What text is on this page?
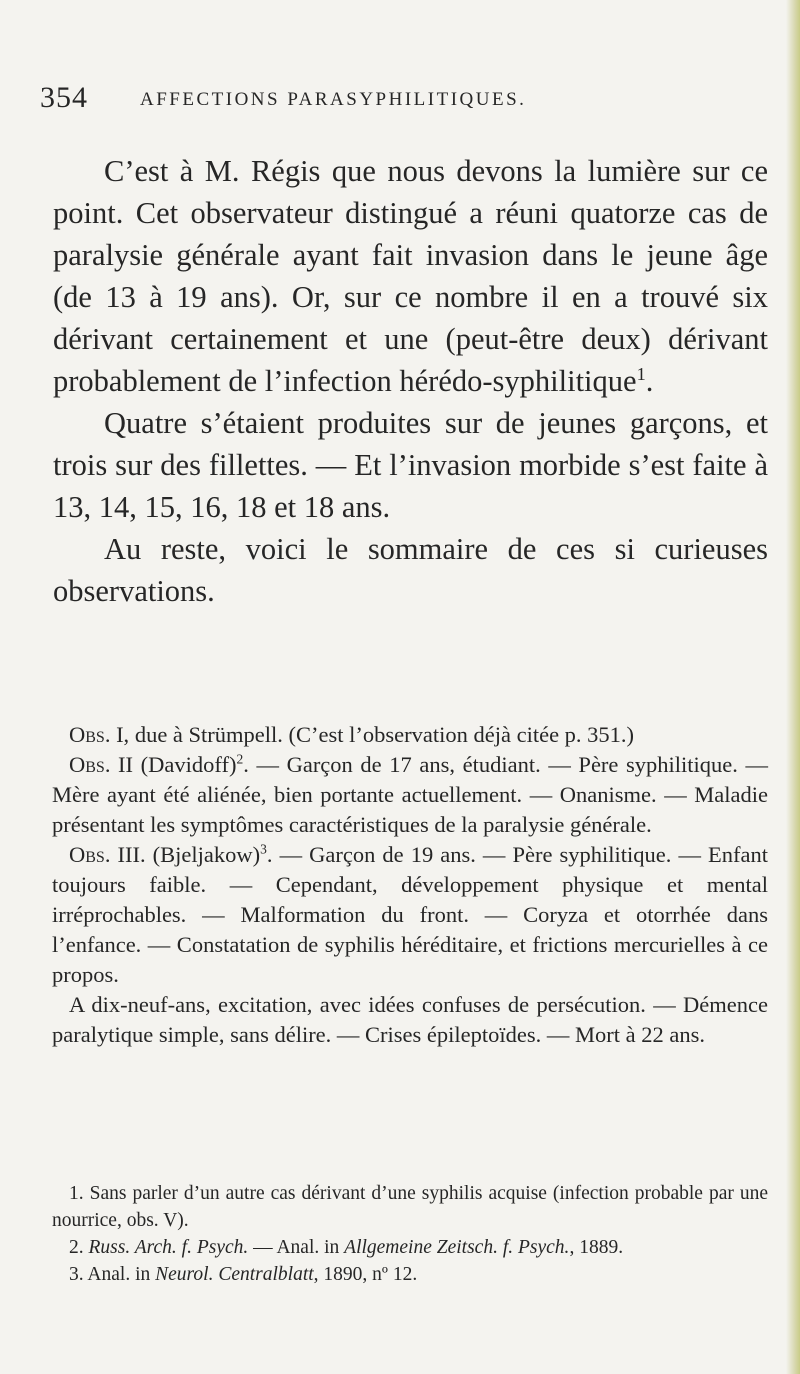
354	AFFECTIONS PARASYPHILITIQUES.

C’est à M. Régis que nous devons la lumière sur ce point. Cet observateur distingué a réuni quatorze cas de paralysie générale ayant fait invasion dans le jeune âge (de 13 à 19 ans). Or, sur ce nombre il en a trouvé six dérivant certainement et une (peut-être deux) dérivant probablement de l’infection hérédo-syphilitique$^1$.

Quatre s’étaient produites sur de jeunes garçons, et trois sur des fillettes. — Et l’invasion morbide s’est faite à 13, 14, 15, 16, 18 et 18 ans.

Au reste, voici le sommaire de ces si curieuses observations.

Obs. I, due à Strümpell. (C’est l’observation déjà citée p. 351.)

Obs. II (Davidoff)$^2$. — Garçon de 17 ans, étudiant. — Père syphilitique. — Mère ayant été aliénée, bien portante actuellement. — Onanisme. — Maladie présentant les symptômes caractéristiques de la paralysie générale.

Obs. III. (Bjeljakow)$^3$. — Garçon de 19 ans. — Père syphilitique. — Enfant toujours faible. — Cependant, développement physique et mental irréprochables. — Malformation du front. — Coryza et otorrhée dans l’enfance. — Constatation de syphilis héréditaire, et frictions mercurielles à ce propos.

A dix-neuf-ans, excitation, avec idées confuses de persécution. — Démence paralytique simple, sans délire. — Crises épileptoïdes. — Mort à 22 ans.

1. Sans parler d’un autre cas dérivant d’une syphilis acquise (infection probable par une nourrice, obs. V).

2. Russ. Arch. f. Psych. — Anal. in Allgemeine Zeitsch. f. Psych., 1889.

3. Anal. in Neurol. Centralblatt, 1890, nº 12.
